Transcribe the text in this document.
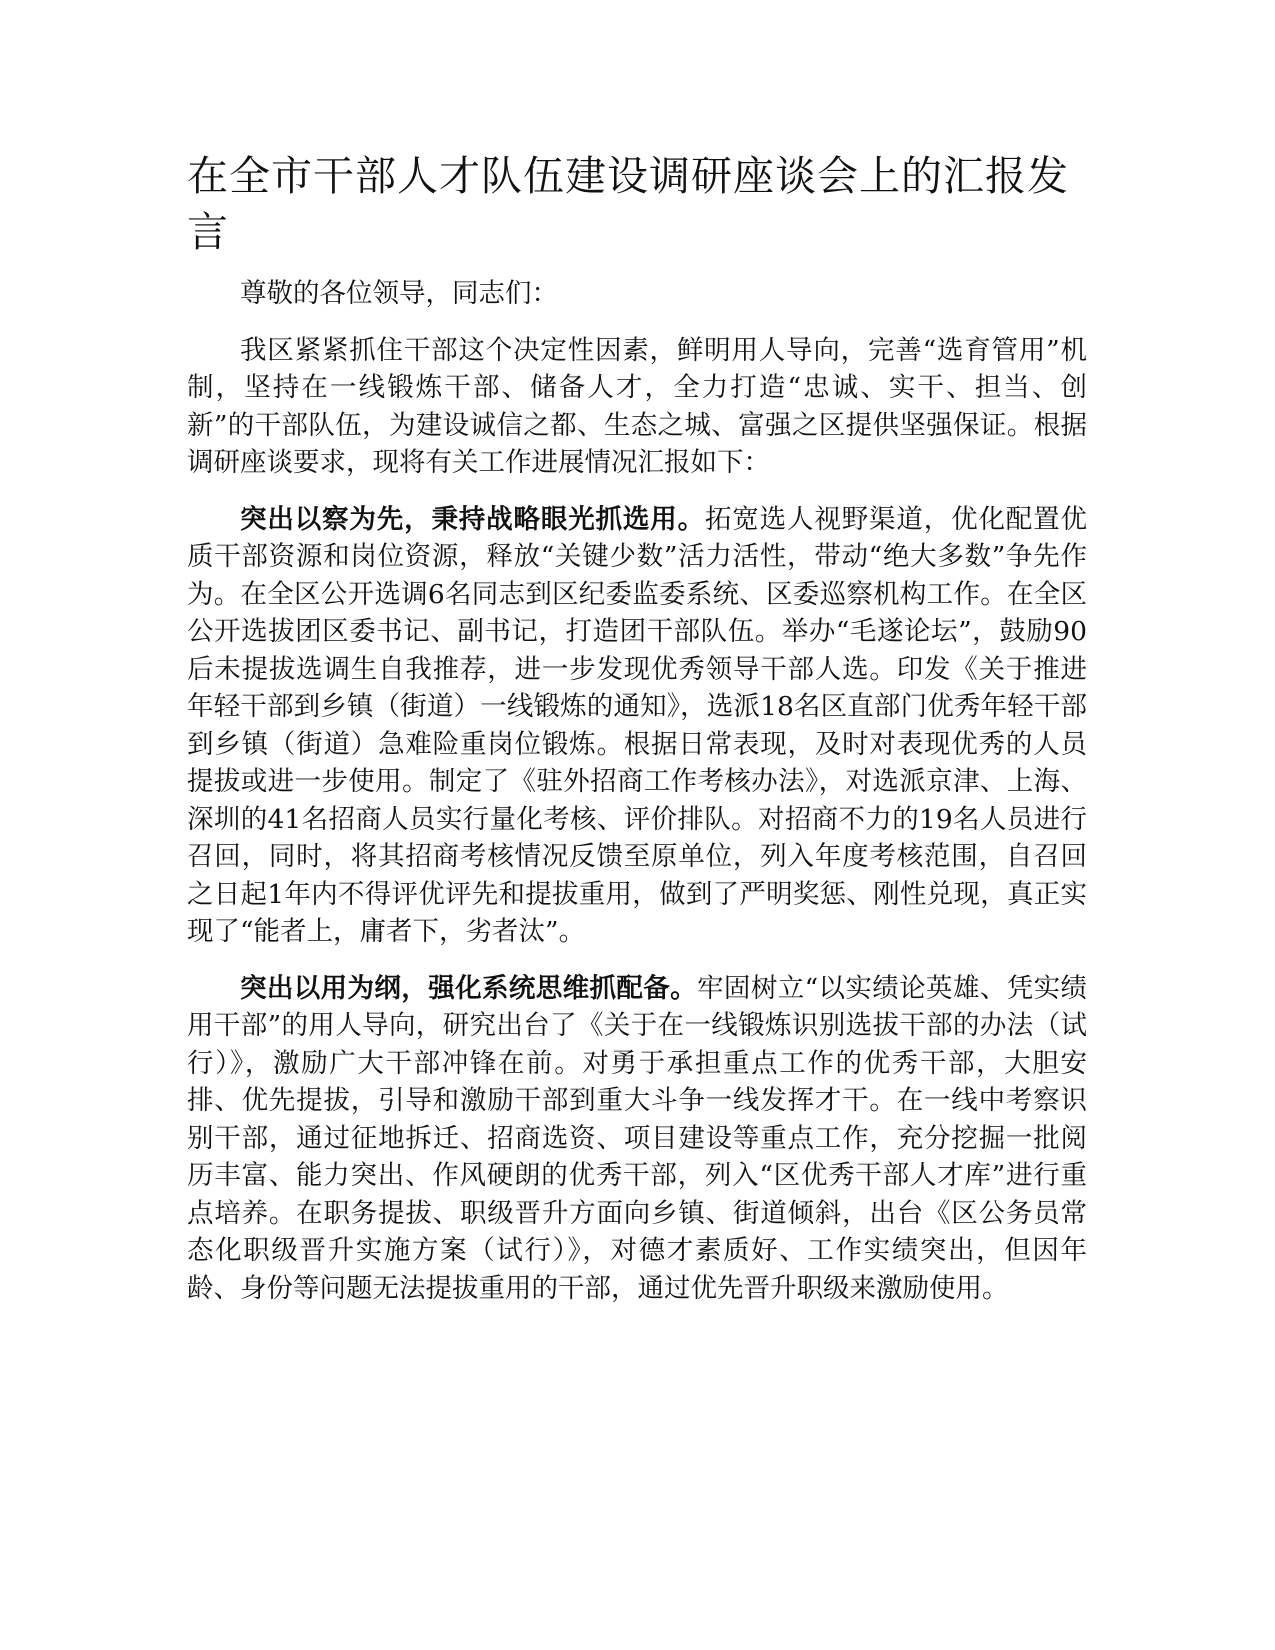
在全市干部人才队伍建设调研座谈会上的汇报发言

尊敬的各位领导，同志们：

我区紧紧抓住干部这个决定性因素，鲜明用人导向，完善“选育管用”机制，坚持在一线锻炼干部、储备人才，全力打造“忠诚、实干、担当、创新”的干部队伍，为建设诚信之都、生态之城、富强之区提供坚强保证。根据调研座谈要求，现将有关工作进展情况汇报如下：

突出以察为先，秉持战略眼光抓选用。拓宽选人视野渠道，优化配置优质干部资源和岗位资源，释放“关键少数”活力活性，带动“绝大多数”争先作为。在全区公开选调6名同志到区纪委监委系统、区委巡察机构工作。在全区公开选拔团区委书记、副书记，打造团干部队伍。举办“毛遂论坛”，鼓励90后未提拔选调生自我推荐，进一步发现优秀领导干部人选。印发《关于推进年轻干部到乡镇（街道）一线锻炼的通知》，选派18名区直部门优秀年轻干部到乡镇（街道）急难险重岗位锻炼。根据日常表现，及时对表现优秀的人员提拔或进一步使用。制定了《驻外招商工作考核办法》，对选派京津、上海、深圳的41名招商人员实行量化考核、评价排队。对招商不力的19名人员进行召回，同时，将其招商考核情况反馈至原单位，列入年度考核范围，自召回之日起1年内不得评优评先和提拔重用，做到了严明奖惩、刚性兑现，真正实现了“能者上，庸者下，劣者汰”。

突出以用为纲，强化系统思维抓配备。牢固树立“以实绩论英雄、凭实绩用干部”的用人导向，研究出台了《关于在一线锻炼识别选拔干部的办法（试行）》，激励广大干部冲锋在前。对勇于承担重点工作的优秀干部，大胆安排、优先提拔，引导和激励干部到重大斗争一线发挥才干。在一线中考察识别干部，通过征地拆迁、招商选资、项目建设等重点工作，充分挖掘一批阅历丰富、能力突出、作风硬朗的优秀干部，列入“区优秀干部人才库”进行重点培养。在职务提拔、职级晋升方面向乡镇、街道倾斜，出台《区公务员常态化职级晋升实施方案（试行）》，对德才素质好、工作实绩突出，但因年龄、身份等问题无法提拔重用的干部，通过优先晋升职级来激励使用。
